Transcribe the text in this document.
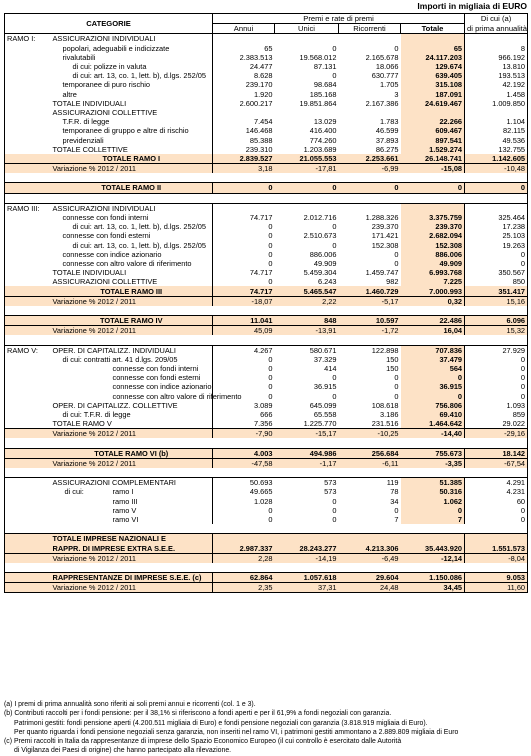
Importi in migliaia di EURO
CATEGORIE		Premi e rate di premi				Di cui (a)
		Annui	Unici	Ricorrenti	Totale	di prima annualità
RAMO I:	ASSICURAZIONI INDIVIDUALI					
	popolari, adeguabili e indicizzate	65	0	0	65	8
	rivalutabili	2.383.513	19.568.012	2.165.678	24.117.203	966.192
	di cui: polizze in valuta	24.477	87.131	18.066	129.674	13.810
	di cui: art. 13, co. 1, lett. b), d.lgs. 252/05	8.628	0	630.777	639.405	193.513
	temporanee di puro rischio	239.170	98.684	1.705	315.108	42.192
	altre	1.920	185.168	3	187.091	1.458
	TOTALE INDIVIDUALI	2.600.217	19.851.864	2.167.386	24.619.467	1.009.850
	ASSICURAZIONI COLLETTIVE					
	T.F.R. di legge	7.454	13.029	1.783	22.266	1.104
	temporanee di gruppo e altre di rischio	146.468	416.400	46.599	609.467	82.115
	previdenziali	85.388	774.260	37.893	897.541	49.536
	TOTALE COLLETTIVE	239.310	1.203.689	86.275	1.529.274	132.755
	TOTALE RAMO I	2.839.527	21.055.553	2.253.661	26.148.741	1.142.605
	Variazione % 2012 / 2011	3,18	-17,81	-6,99	-15,08	-10,48

	TOTALE RAMO II	0	0	0	0	0

RAMO III:	ASSICURAZIONI INDIVIDUALI					
	connesse con fondi interni	74.717	2.012.716	1.288.326	3.375.759	325.464
	di cui: art. 13, co. 1, lett. b), d.lgs. 252/05	0	0	239.370	239.370	17.238
	connesse con fondi esterni	0	2.510.673	171.421	2.682.094	25.103
	di cui: art. 13, co. 1, lett. b), d.lgs. 252/05	0	0	152.308	152.308	19.263
	connesse con indice azionario	0	886.006	0	886.006	0
	connesse con altro valore di riferimento	0	49.909	0	49.909	0
	TOTALE INDIVIDUALI	74.717	5.459.304	1.459.747	6.993.768	350.567
	ASSICURAZIONI COLLETTIVE	0	6.243	982	7.225	850
	TOTALE RAMO III	74.717	5.465.547	1.460.729	7.000.993	351.417
	Variazione % 2012 / 2011	-18,07	2,22	-5,17	0,32	15,16

	TOTALE RAMO IV	11.041	848	10.597	22.486	6.096
	Variazione % 2012 / 2011	45,09	-13,91	-1,72	16,04	15,32

RAMO V:	OPER. DI CAPITALIZZ. INDIVIDUALI	4.267	580.671	122.898	707.836	27.929
	di cui: contratti art. 41 d.lgs. 209/05	0	37.329	150	37.479	0
	connesse con fondi interni	0	414	150	564	0
	connesse con fondi esterni	0	0	0	0	0
	connesse con indice azionario	0	36.915	0	36.915	0
	connesse con altro valore di riferimento	0	0	0	0	0
	OPER. DI CAPITALIZZ. COLLETTIVE	3.089	645.099	108.618	756.806	1.093
	di cui: T.F.R. di legge	666	65.558	3.186	69.410	859
	TOTALE RAMO V	7.356	1.225.770	231.516	1.464.642	29.022
	Variazione % 2012 / 2011	-7,90	-15,17	-10,25	-14,40	-29,16

	TOTALE RAMO VI (b)	4.003	494.986	256.684	755.673	18.142
	Variazione % 2012 / 2011	-47,58	-1,17	-6,11	-3,35	-67,54

	ASSICURAZIONI COMPLEMENTARI	50.693	573	119	51.385	4.291
	di cui: ramo I	49.665	573	78	50.316	4.231

	ramo III	1.028	0	34	1.062	60

	ramo V	0	0	0	0	0

	ramo VI	0	0	7	7	0

	TOTALE IMPRESE NAZIONALI E					
	RAPPR. DI IMPRESE EXTRA S.E.E.	2.987.337	28.243.277	4.213.306	35.443.920	1.551.573
	Variazione % 2012 / 2011	2,28	-14,19	-6,49	-12,14	-8,04

	RAPPRESENTANZE DI IMPRESE S.E.E. (c)	62.864	1.057.618	29.604	1.150.086	9.053
	Variazione % 2012 / 2011	2,35	37,31	24,48	34,45	11,60
(a) I premi di prima annualità sono riferiti ai soli premi annui e ricorrenti (col. 1 e 3).
(b) Contributi raccolti per i fondi pensione: per il 38,1% si riferiscono a fondi aperti e per il 61,9% a fondi negoziali con garanzia.
Patrimoni gestiti: fondi pensione aperti (4.200.511 migliaia di Euro) e fondi pensione negoziali con garanzia (3.818.919 migliaia di Euro).
Per quanto riguarda i fondi pensione negoziali senza garanzia, non inseriti nel ramo VI, i patrimoni gestiti ammontano a 2.889.809 migliaia di Euro
(c) Premi raccolti in Italia da rappresentanze di imprese dello Spazio Economico Europeo (il cui controllo è esercitato dalle Autorità
di Vigilanza dei Paesi di origine) che hanno partecipato alla rilevazione.
